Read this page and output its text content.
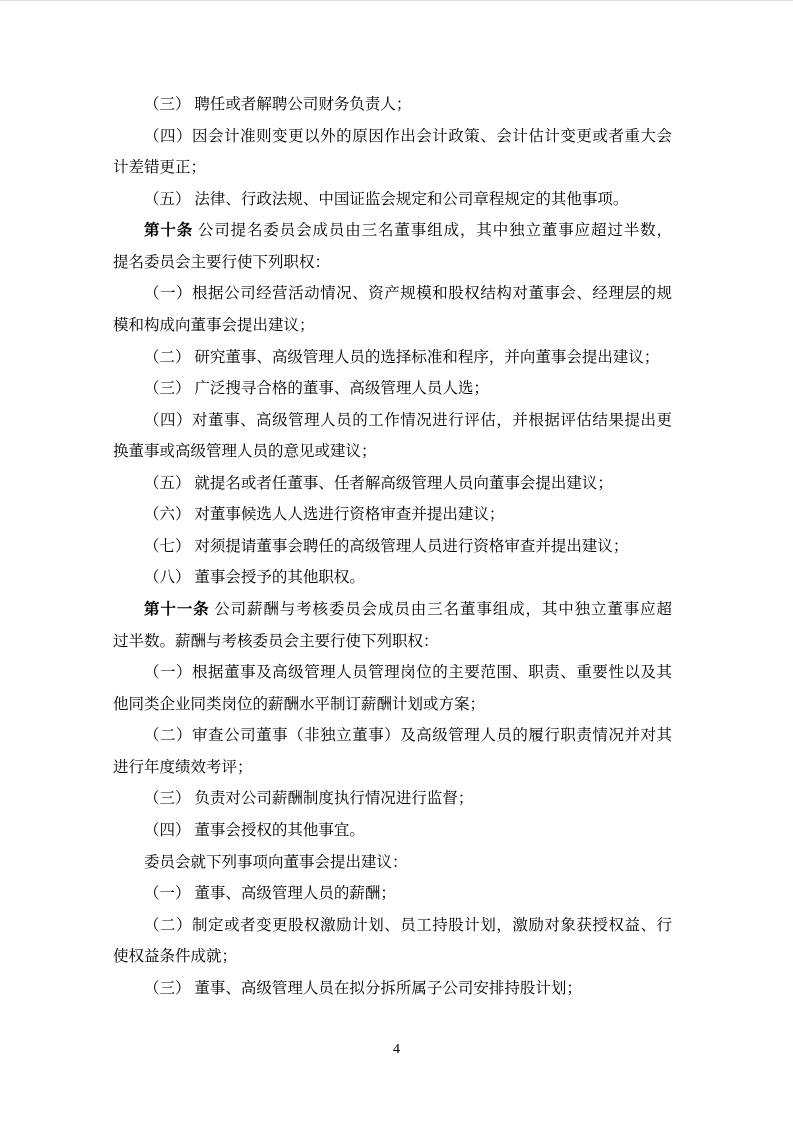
（三） 聘任或者解聘公司财务负责人；
（四）因会计准则变更以外的原因作出会计政策、会计估计变更或者重大会
计差错更正；
（五） 法律、行政法规、中国证监会规定和公司章程规定的其他事项。
第十条 公司提名委员会成员由三名董事组成，其中独立董事应超过半数，
提名委员会主要行使下列职权：
（一）根据公司经营活动情况、资产规模和股权结构对董事会、经理层的规
模和构成向董事会提出建议；
（二） 研究董事、高级管理人员的选择标准和程序，并向董事会提出建议；
（三） 广泛搜寻合格的董事、高级管理人员人选；
（四）对董事、高级管理人员的工作情况进行评估，并根据评估结果提出更
换董事或高级管理人员的意见或建议；
（五） 就提名或者任董事、任者解高级管理人员向董事会提出建议；
（六） 对董事候选人人选进行资格审查并提出建议；
（七） 对须提请董事会聘任的高级管理人员进行资格审查并提出建议；
（八） 董事会授予的其他职权。
第十一条 公司薪酬与考核委员会成员由三名董事组成，其中独立董事应超
过半数。薪酬与考核委员会主要行使下列职权：
（一）根据董事及高级管理人员管理岗位的主要范围、职责、重要性以及其
他同类企业同类岗位的薪酬水平制订薪酬计划或方案；
（二）审查公司董事（非独立董事）及高级管理人员的履行职责情况并对其
进行年度绩效考评；
（三） 负责对公司薪酬制度执行情况进行监督；
（四） 董事会授权的其他事宜。
委员会就下列事项向董事会提出建议：
（一） 董事、高级管理人员的薪酬；
（二）制定或者变更股权激励计划、员工持股计划，激励对象获授权益、行
使权益条件成就；
（三） 董事、高级管理人员在拟分拆所属子公司安排持股计划；
4
